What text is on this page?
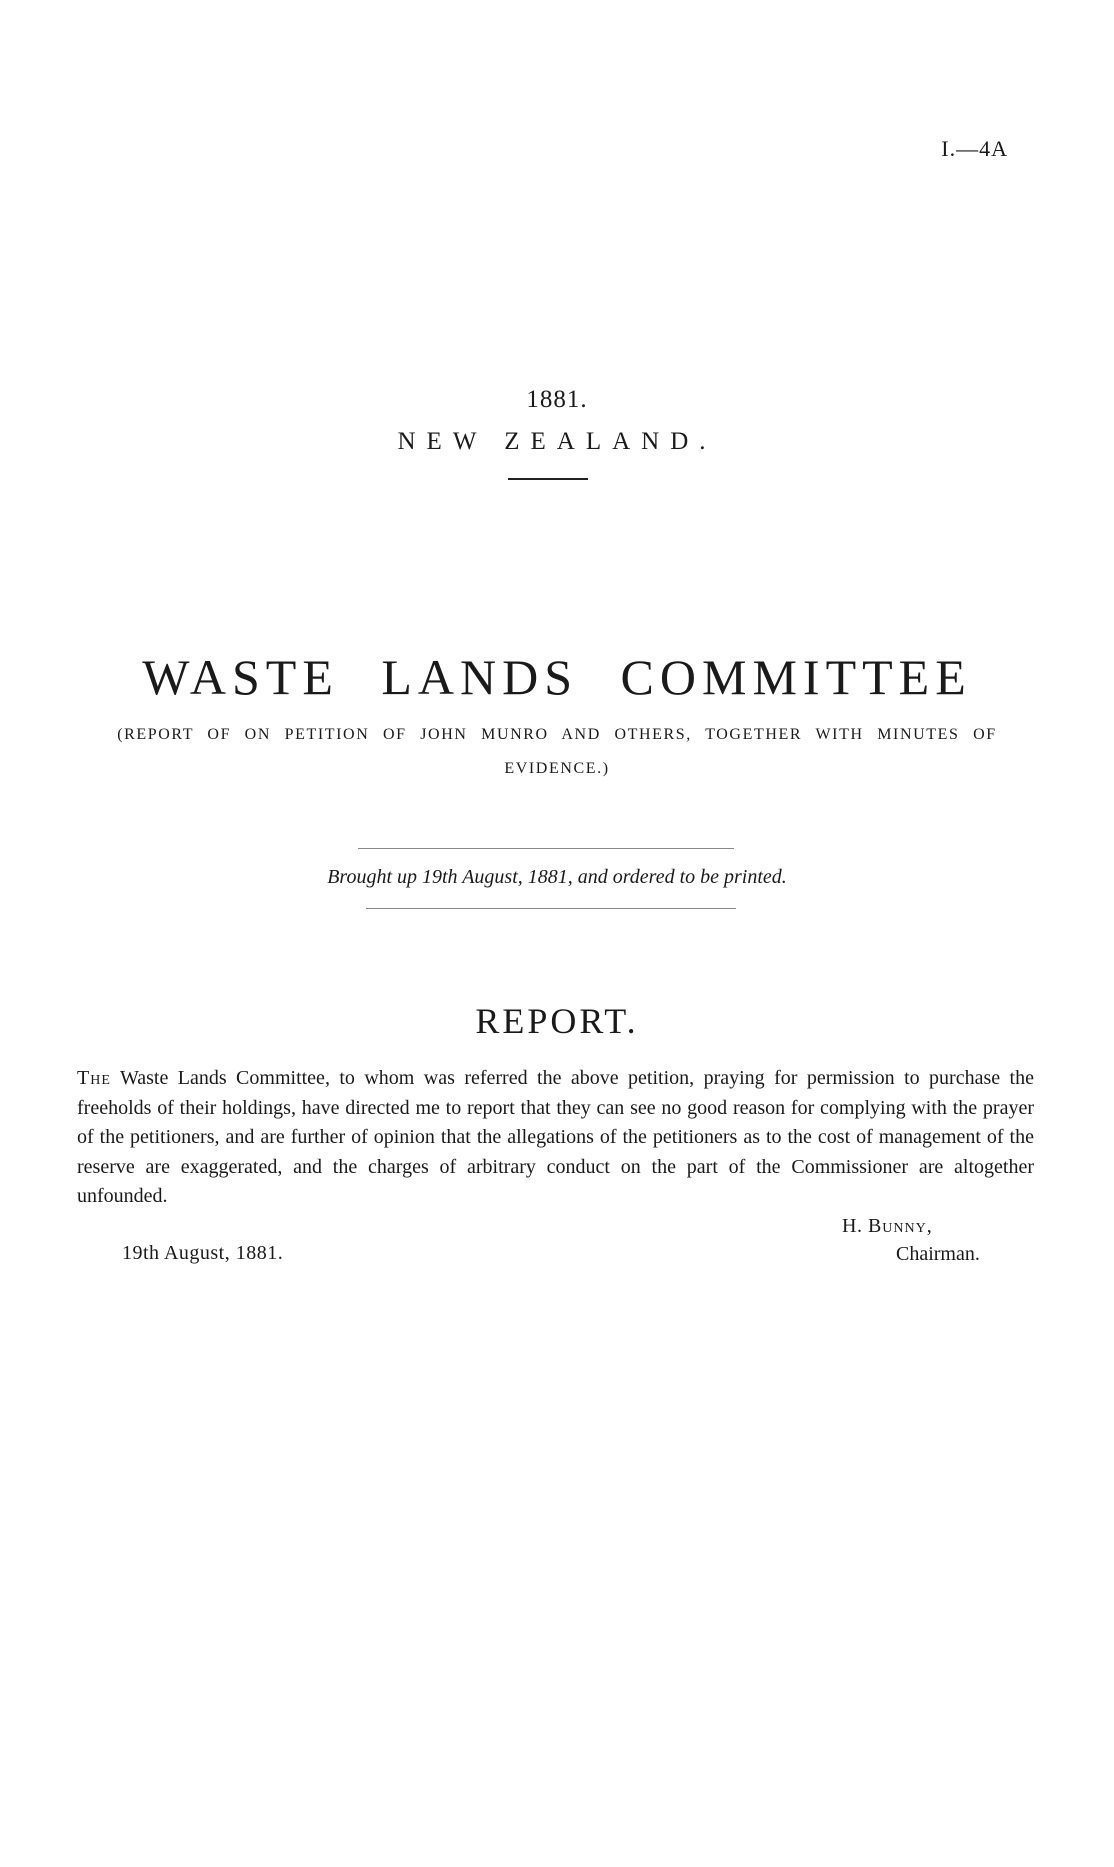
I.—4A
1881.
NEW ZEALAND.
WASTE LANDS COMMITTEE
(REPORT OF ON PETITION OF JOHN MUNRO AND OTHERS, TOGETHER WITH MINUTES OF EVIDENCE.)
Brought up 19th August, 1881, and ordered to be printed.
REPORT.
The Waste Lands Committee, to whom was referred the above petition, praying for permission to purchase the freeholds of their holdings, have directed me to report that they can see no good reason for complying with the prayer of the petitioners, and are further of opinion that the allegations of the petitioners as to the cost of management of the reserve are exaggerated, and the charges of arbitrary conduct on the part of the Commissioner are altogether unfounded.
H. Bunny,
Chairman.
19th August, 1881.
